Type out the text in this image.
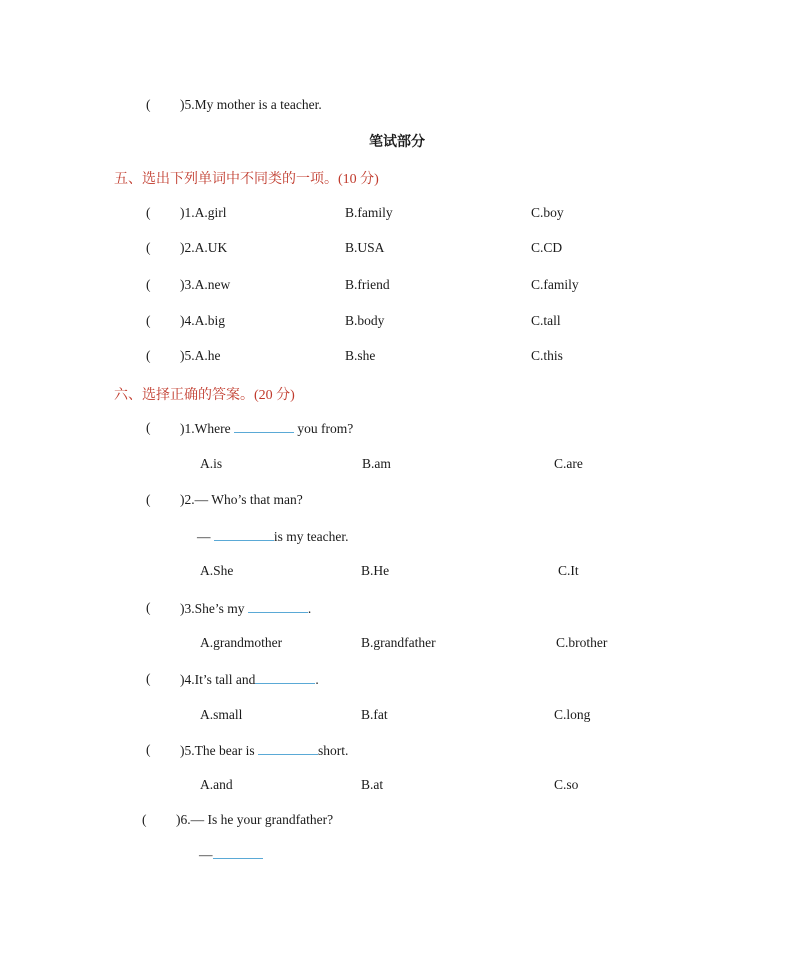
( )5.My mother is a teacher.
笔试部分
五、选出下列单词中不同类的一项。(10 分)
( )1.A.girl	B.family	C.boy
( )2.A.UK	B.USA	C.CD
( )3.A.new	B.friend	C.family
( )4.A.big	B.body	C.tall
( )5.A.he	B.she	C.this
六、选择正确的答案。(20 分)
( )1.Where	you from?
A.is	B.am	C.are
( )2.— Who’s that man?
—	is my teacher.
A.She	B.He	C.It
( )3.She’s my	.
A.grandmother	B.grandfather	C.brother
( )4.It’s tall and	.
A.small	B.fat	C.long
( )5.The bear is	short.
A.and	B.at	C.so
( )6.— Is he your grandfather?
—
